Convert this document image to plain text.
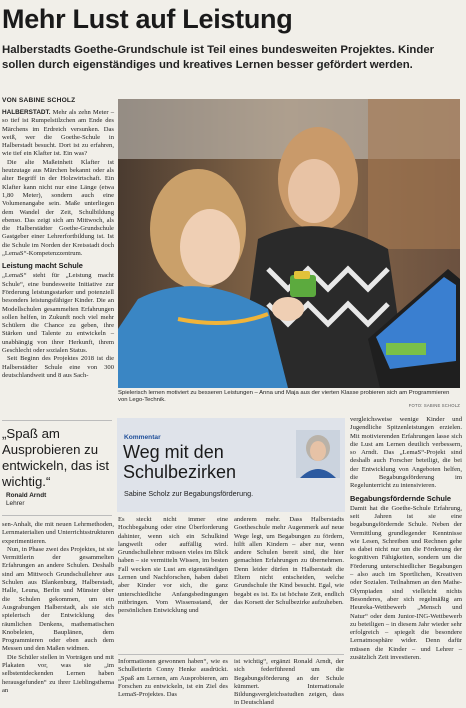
Mehr Lust auf Leistung
Halberstadts Goethe-Grundschule ist Teil eines bundesweiten Projektes. Kinder sollen durch eigenständiges und kreatives Lernen besser gefördert werden.
VON SABINE SCHOLZ

HALBERSTADT. Mehr als zehn Meter – so tief ist Rumpelstilzchen am Ende des Märchens im Erdreich versunken. Das weiß, wer die Goethe-Schule in Halberstadt besucht. Dort ist zu erfahren, wie tief ein Klafter ist. Ein was?

Die alte Maßeinheit Klafter ist heutzutage aus Märchen bekannt oder als alter Begriff in der Holzwirtschaft. Ein Klafter kann nicht nur eine Länge (etwa 1,80 Meter), sondern auch eine Volumenangabe sein. Maße unterliegen dem Wandel der Zeit, Schulbildung ebenso. Das zeigt sich am Mittwoch, als die Halberstädter Goethe-Grundschule Gastgeber einer Lehrerfortbildung ist. Ist die Schule im Norden der Kreisstadt doch „LemaS“-Kompetenzzentrum.

Leistung macht Schule

„LemaS“ steht für „Leistung macht Schule“, eine bundesweite Initiative zur Förderung leistungsstarker und potenziell besonders leistungsfähiger Kinder. Die an Modellschulen gesammelten Erfahrungen sollen helfen, in Zukunft noch viel mehr Schülern die Chance zu geben, ihre Stärken und Talente zu entwickeln – unabhängig von ihrer Herkunft, ihrem Geschlecht oder sozialen Status.

Seit Beginn des Projektes 2018 ist die Halberstädter Schule eine von 300 deutschlandweit und 8 aus Sach-

Spielerisch lernen motiviert zu besseren Leistungen – Anna und Maja aus der vierten Klasse probieren sich am Programmieren von Lego-Technik.
FOTO: SABINE SCHOLZ
„Spaß am Ausprobieren zu entwickeln, das ist wichtig.“
Ronald Arndt
Lehrer

sen-Anhalt, die mit neuen Lehrmethoden, Lernmaterialien und Unterrichtsstrukturen experimentieren.

Nun, in Phase zwei des Projektes, ist sie Vermittlerin der gesammelten Erfahrungen an andere Schulen. Deshalb sind am Mittwoch Grundschullehrer aus Schulen aus Blankenburg, Halberstadt, Halle, Leuna, Berlin und Münster über die Schulen gekommen, um ein Ausgrabungen Halberstadt, als sie sich spielerisch der Entwicklung des räumlichen Denkens, mathematischen Knobeleien, Bauplänen, dem Programmieren oder eben auch dem Messen und den Maßen widmen.

Die Schüler stellen in Vorträgen und mit Plakaten vor, was sie „im selbstentdeckenden Lernen haben herausgefunden“ zu ihrer Lieblingsthema an

Kommentar
Weg mit den Schulbezirken
Sabine Scholz zur Begabungsförderung.
Es steckt nicht immer eine Hochbegabung oder eine Überforderung dahinter, wenn sich ein Schulkind langweilt oder auffällig wird. Grundschullehrer müssen vieles im Blick haben – sie vermitteln Wissen, im besten Fall wecken sie Lust am eigenständigen Lernen und Nachforschen, haben dabei aber Kinder vor sich, die ganz unterschiedliche Anfangsbedingungen mitbringen. Vom Wissensstand, der persönlichen Entwicklung und
anderem mehr. Dass Halberstadts Goetheschule mehr Augenmerk auf neue Wege legt, um Begabungen zu fördern, hilft allen Kindern – aber nur, wenn andere Schulen bereit sind, die hier gemachten Erfahrungen zu übernehmen. Denn leider dürfen in Halberstadt die Eltern nicht entscheiden, welche Grundschule ihr Kind besucht. Egal, wie begabt es ist. Es ist höchste Zeit, endlich das Korsett der Schulbezirke aufzuheben.
Informationen gewonnen haben“, wie es Schulleiterin Conny Henke ausdrückt. „Spaß am Lernen, am Ausprobieren, am Forschen zu entwickeln, ist ein Ziel des LemaS-Projektes. Das
ist wichtig“, ergänzt Ronald Arndt, der sich federführend um die Begabungsförderung an der Schule kümmert. Internationale Bildungsvergleichsstudien zeigen, dass in Deutschland

vergleichsweise wenige Kinder und Jugendliche Spitzenleistungen erzielen. Mit motivierenden Erfahrungen lasse sich die Lust am Lernen deutlich verbessern, so Arndt. Das „LemaS“-Projekt sind deshalb auch Forscher beteiligt, die bei der Entwicklung von Angeboten helfen, die Begabungsförderung im Regelunterricht zu intensivieren.

Begabungsfördernde Schule

Damit hat die Goethe-Schule Erfahrung, seit Jahren ist sie eine begabungsfördernde Schule. Neben der Vermittlung grundlegender Kenntnisse wie Lesen, Schreiben und Rechnen gehe es dabei nicht nur um die Förderung der kognitiven Fähigkeiten, sondern um die Förderung unterschiedlicher Begabungen – also auch im Sportlichen, Kreativen oder Sozialen. Teilnahmen an den Mathe-Olympiaden sind vielleicht nichts Besonderes, aber sich regelmäßig am Heureka-Wettbewerb „Mensch und Natur“ oder dem Junior-ING-Wettbewerb zu beteiligen – in diesem Jahr wieder sehr erfolgreich – spiegelt die besondere Lernatmosphäre wider. Denn dafür müssen die Kinder – und Lehrer – zusätzlich Zeit investieren.
